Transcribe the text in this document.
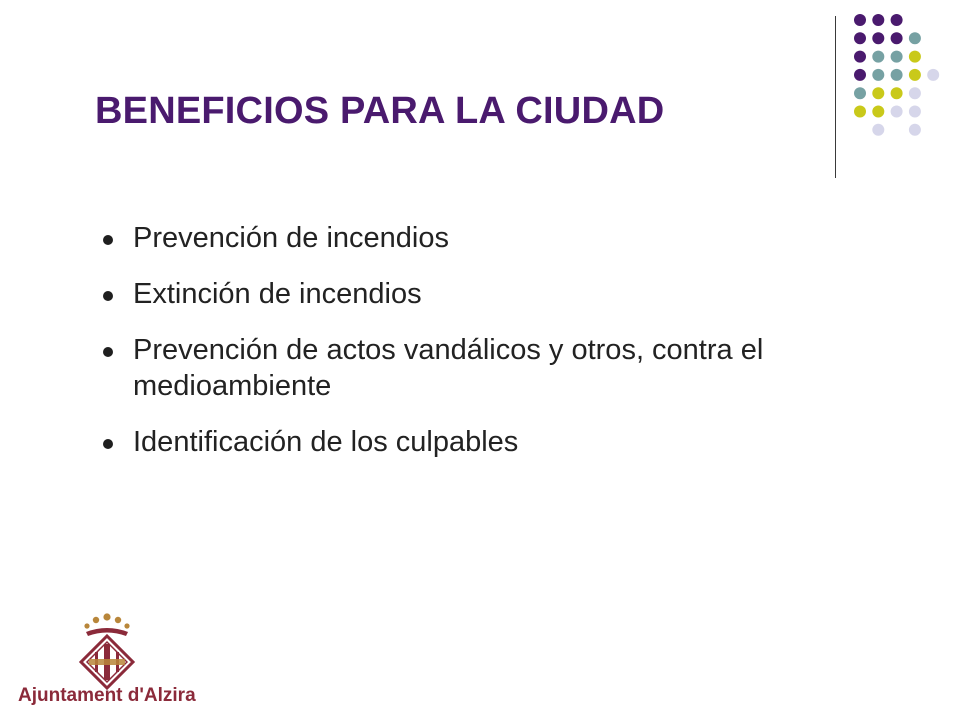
BENEFICIOS PARA LA CIUDAD
Prevención de incendios
Extinción de incendios
Prevención de actos vandálicos y otros, contra el medioambiente
Identificación de los culpables
Ajuntament d'Alzira
